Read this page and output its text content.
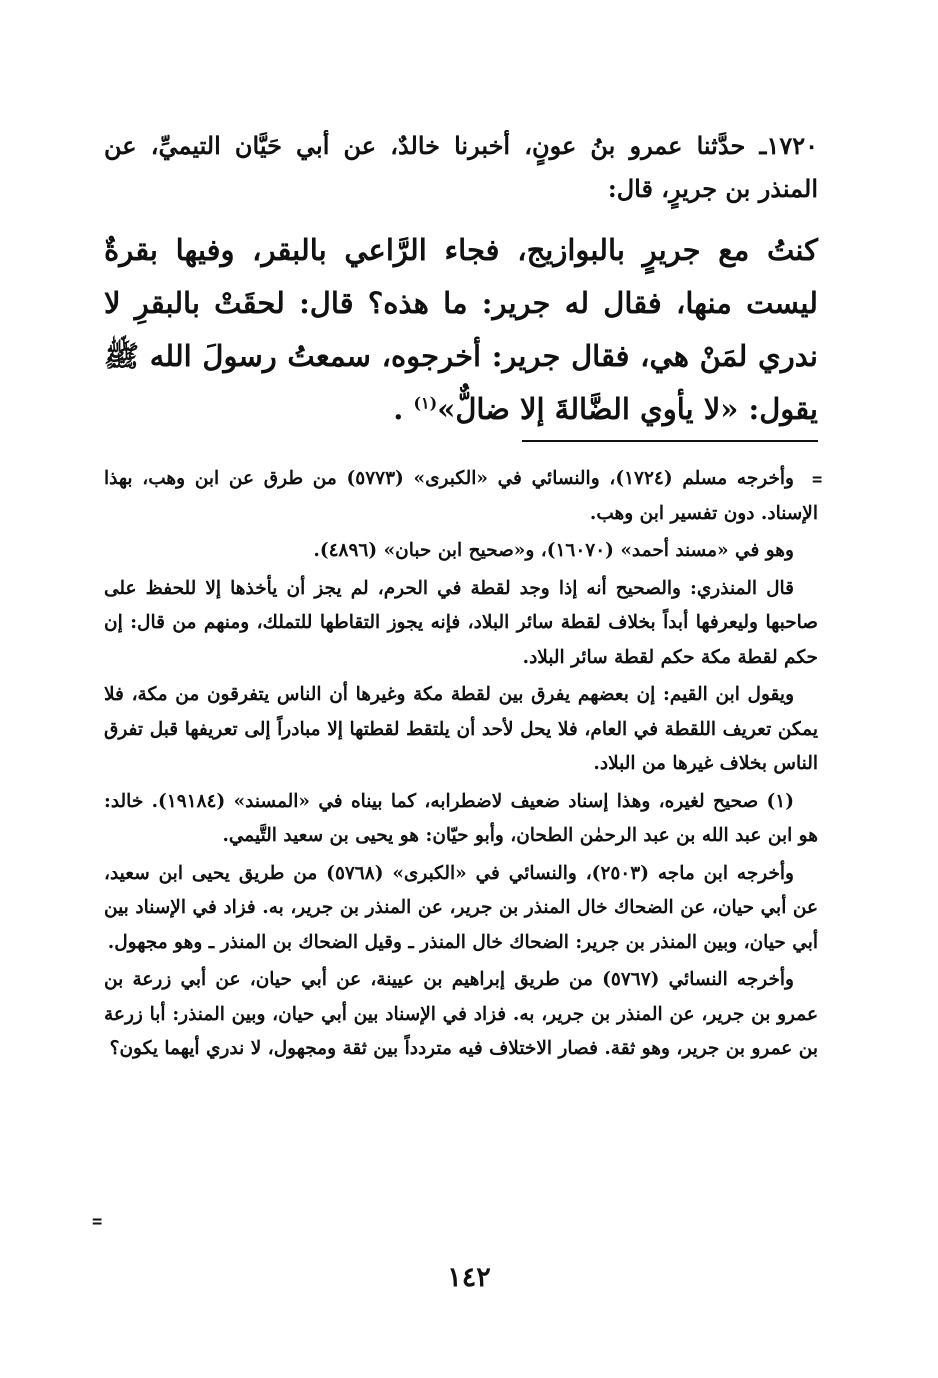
١٧٢٠ـ حدَّثنا عمرو بنُ عونٍ، أخبرنا خالدٌ، عن أبي حَيَّان التيميِّ، عن المنذر بن جريرٍ، قال:

كنتُ مع جريرٍ بالبوازيج، فجاء الرَّاعي بالبقر، وفيها بقرةٌ ليست منها، فقال له جرير: ما هذه؟ قال: لحقَتْ بالبقرِ لا ندري لمَنْ هي، فقال جرير: أخرجوه، سمعتُ رسولَ الله ﷺ يقول: «لا يأوي الضَّالةَ إلا ضالٌّ»$^{(١)}$ .

=

وأخرجه مسلم (١٧٢٤)، والنسائي في «الكبرى» (٥٧٧٣) من طرق عن ابن وهب، بهذا الإسناد. دون تفسير ابن وهب.

وهو في «مسند أحمد» (١٦٠٧٠)، و«صحيح ابن حبان» (٤٨٩٦).

قال المنذري: والصحيح أنه إذا وجد لقطة في الحرم، لم يجز أن يأخذها إلا للحفظ على صاحبها وليعرفها أبداً بخلاف لقطة سائر البلاد، فإنه يجوز التقاطها للتملك، ومنهم من قال: إن حكم لقطة مكة حكم لقطة سائر البلاد.

ويقول ابن القيم: إن بعضهم يفرق بين لقطة مكة وغيرها أن الناس يتفرقون من مكة، فلا يمكن تعريف اللقطة في العام، فلا يحل لأحد أن يلتقط لقطتها إلا مبادراً إلى تعريفها قبل تفرق الناس بخلاف غيرها من البلاد.

(١) صحيح لغيره، وهذا إسناد ضعيف لاضطرابه، كما بيناه في «المسند» (١٩١٨٤). خالد: هو ابن عبد الله بن عبد الرحمٰن الطحان، وأبو حيّان: هو يحيى بن سعيد التَّيمي.

وأخرجه ابن ماجه (٢٥٠٣)، والنسائي في «الكبرى» (٥٧٦٨) من طريق يحيى ابن سعيد، عن أبي حيان، عن الضحاك خال المنذر بن جرير، عن المنذر بن جرير، به. فزاد في الإسناد بين أبي حيان، وبين المنذر بن جرير: الضحاك خال المنذر ـ وقيل الضحاك بن المنذر ـ وهو مجهول.

وأخرجه النسائي (٥٧٦٧) من طريق إبراهيم بن عيينة، عن أبي حيان، عن أبي زرعة بن عمرو بن جرير، عن المنذر بن جرير، به. فزاد في الإسناد بين أبي حيان، وبين المنذر: أبا زرعة بن عمرو بن جرير، وهو ثقة. فصار الاختلاف فيه متردداً بين ثقة ومجهول، لا ندري أيهما يكون؟

=
١٤٢
